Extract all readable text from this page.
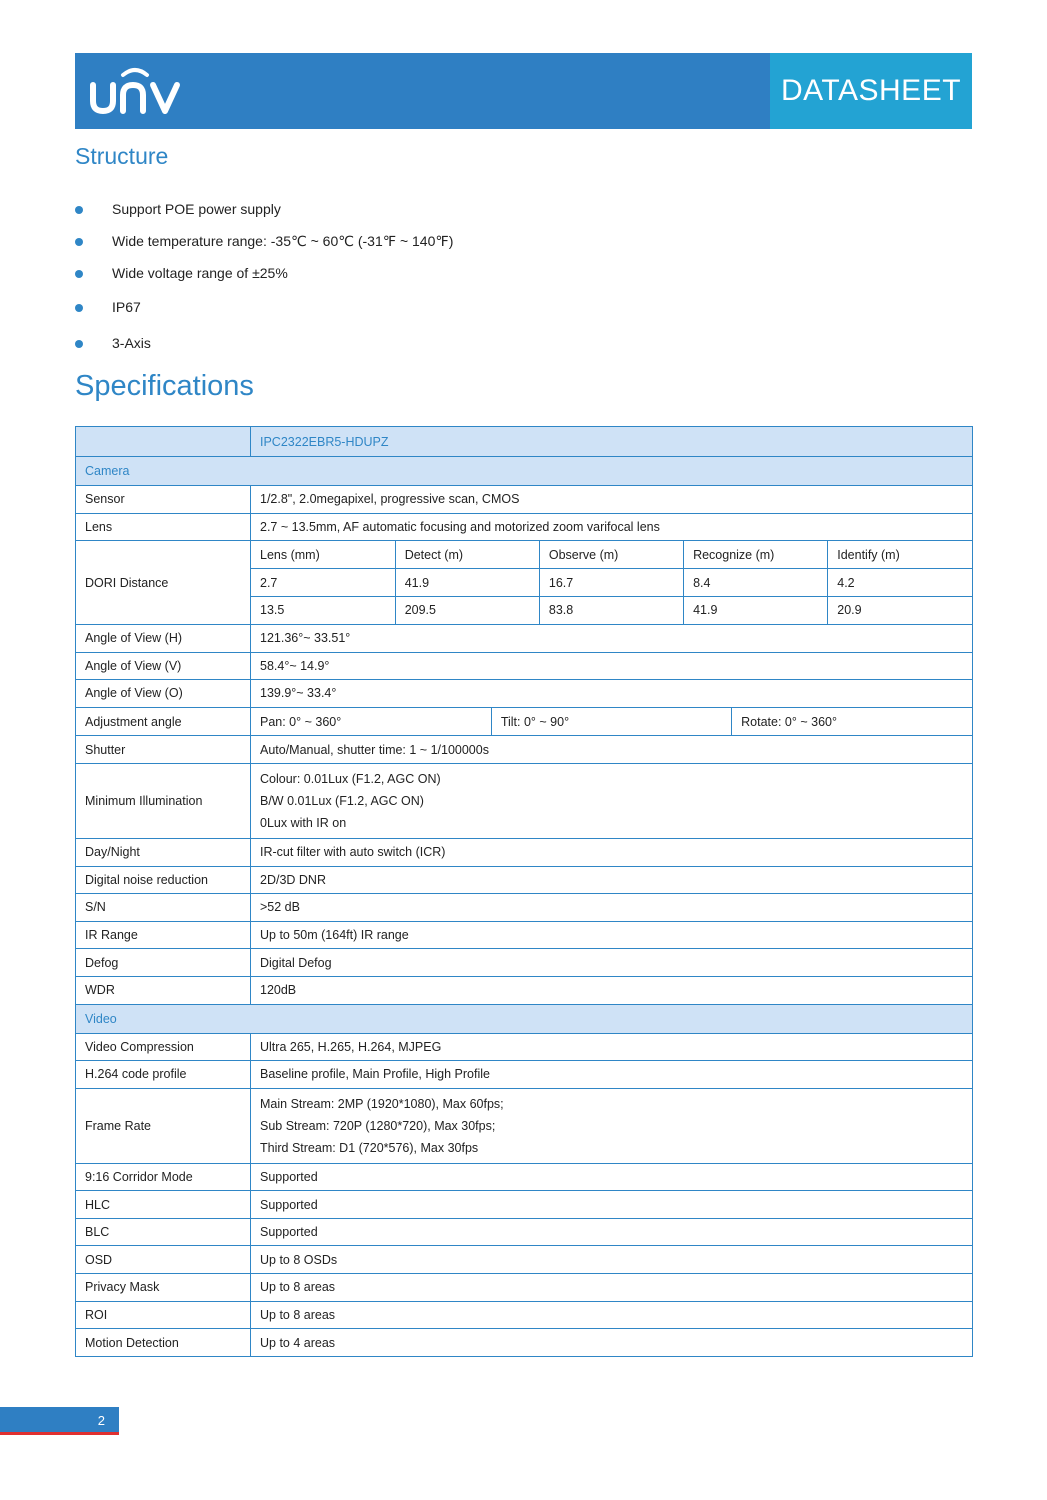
DATASHEET
Structure
Support POE power supply
Wide temperature range: -35℃ ~ 60℃ (-31℉ ~ 140℉)
Wide voltage range of ±25%
IP67
3-Axis
Specifications
	IPC2322EBR5-HDUPZ
Camera
Sensor	1/2.8", 2.0megapixel, progressive scan, CMOS
Lens	2.7 ~ 13.5mm, AF automatic focusing and motorized zoom varifocal lens
DORI Distance	
Lens (mm)	Detect (m)	Observe (m)	Recognize (m)	Identify (m)
2.7	41.9	16.7	8.4	4.2
13.5	209.5	83.8	41.9	20.9

Angle of View (H)	121.36°~ 33.51°
Angle of View (V)	58.4°~ 14.9°
Angle of View (O)	139.9°~ 33.4°
Adjustment angle		Pan: 0° ~ 360°	Tilt: 0° ~ 90°	Rotate: 0° ~ 360°

Shutter	Auto/Manual, shutter time: 1 ~ 1/100000s
Minimum Illumination	
Colour: 0.01Lux (F1.2, AGC ON)
B/W 0.01Lux (F1.2, AGC ON)
0Lux with IR on

Day/Night	IR-cut filter with auto switch (ICR)
Digital noise reduction	2D/3D DNR
S/N	>52 dB
IR Range	Up to 50m (164ft) IR range
Defog	Digital Defog
WDR	120dB
Video
Video Compression	Ultra 265, H.265, H.264, MJPEG
H.264 code profile	Baseline profile, Main Profile, High Profile
Frame Rate	
Main Stream: 2MP (1920*1080), Max 60fps;
Sub Stream: 720P (1280*720), Max 30fps;
Third Stream: D1 (720*576), Max 30fps

9:16 Corridor Mode	Supported
HLC	Supported
BLC	Supported
OSD	Up to 8 OSDs
Privacy Mask	Up to 8 areas
ROI	Up to 8 areas
Motion Detection	Up to 4 areas
2
